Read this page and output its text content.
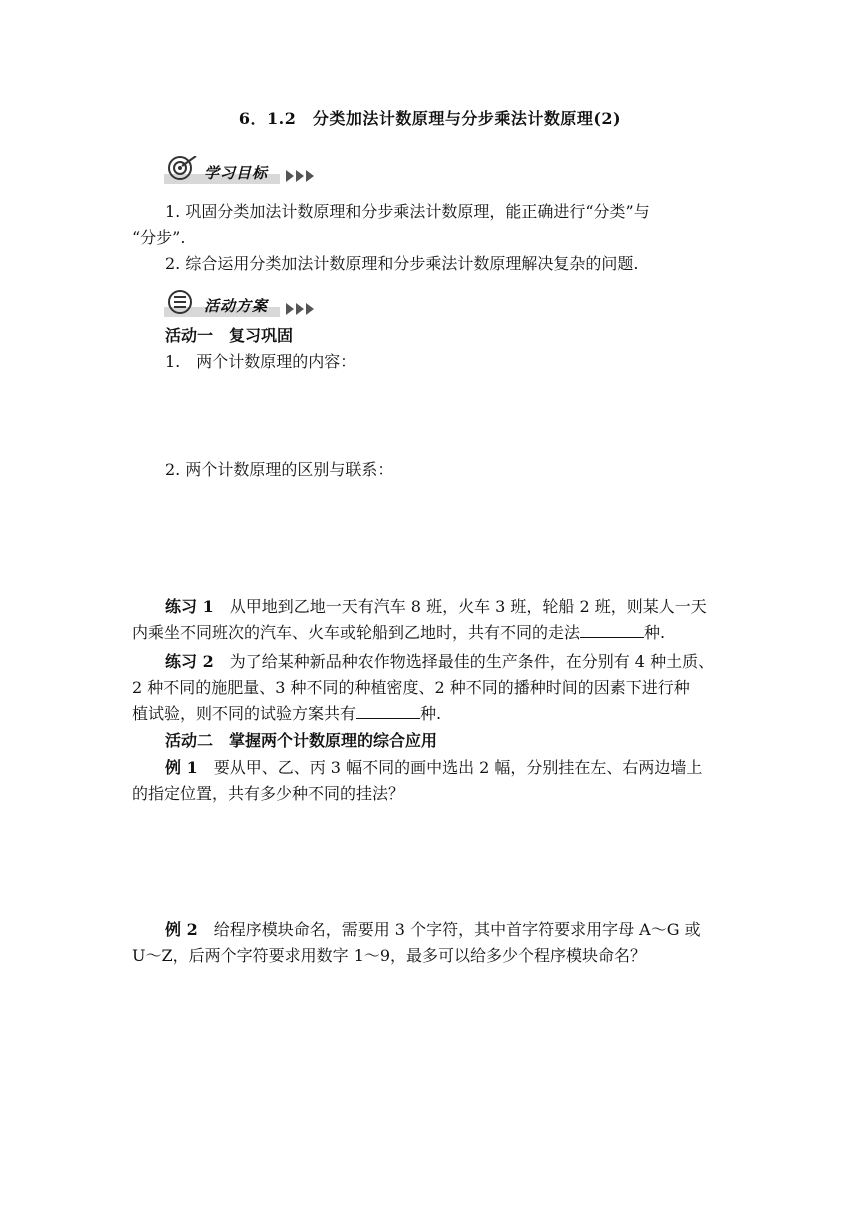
6．1.2　分类加法计数原理与分步乘法计数原理(2)
学习目标
1. 巩固分类加法计数原理和分步乘法计数原理，能正确进行“分类”与
“分步”.
2. 综合运用分类加法计数原理和分步乘法计数原理解决复杂的问题.
活动方案
活动一　复习巩固
1.　两个计数原理的内容：
2. 两个计数原理的区别与联系：
练习 1　从甲地到乙地一天有汽车 8 班，火车 3 班，轮船 2 班，则某人一天
内乘坐不同班次的汽车、火车或轮船到乙地时，共有不同的走法	种.
练习 2　为了给某种新品种农作物选择最佳的生产条件，在分别有 4 种土质、
2 种不同的施肥量、3 种不同的种植密度、2 种不同的播种时间的因素下进行种
植试验，则不同的试验方案共有	种.
活动二　掌握两个计数原理的综合应用
例 1　要从甲、乙、丙 3 幅不同的画中选出 2 幅，分别挂在左、右两边墙上
的指定位置，共有多少种不同的挂法？
例 2　给程序模块命名，需要用 3 个字符，其中首字符要求用字母 A～G 或
U～Z，后两个字符要求用数字 1～9，最多可以给多少个程序模块命名？
